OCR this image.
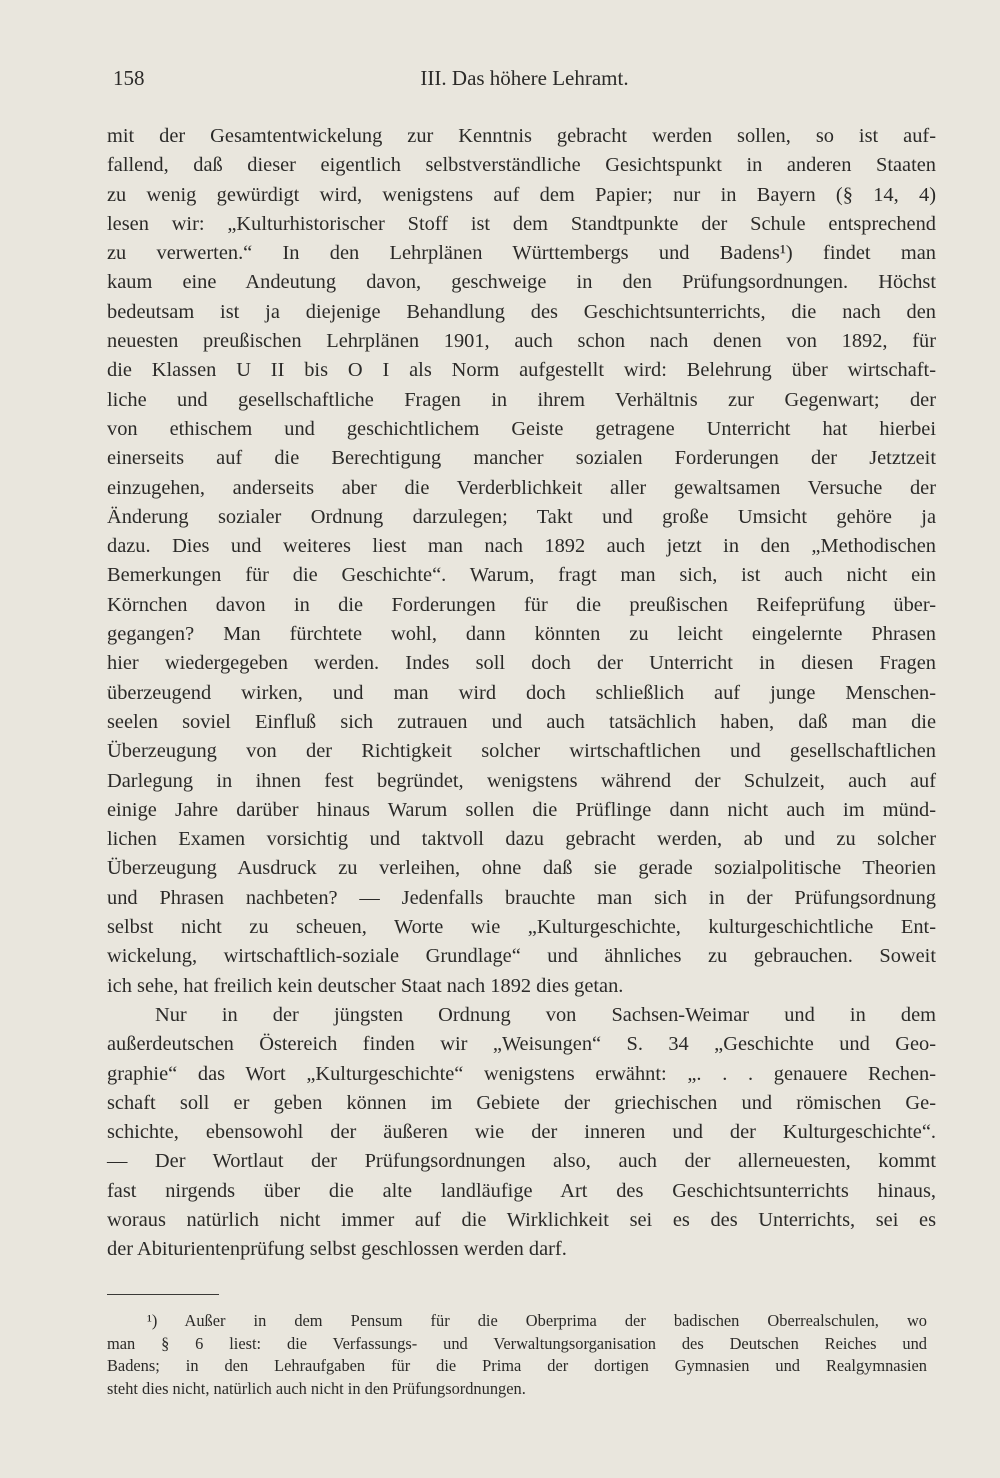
158	III. Das höhere Lehramt.

mit der Gesamtentwickelung zur Kenntnis gebracht werden sollen, so ist auf-
fallend, daß dieser eigentlich selbstverständliche Gesichtspunkt in anderen Staaten
zu wenig gewürdigt wird, wenigstens auf dem Papier; nur in Bayern (§ 14, 4)
lesen wir: „Kulturhistorischer Stoff ist dem Standtpunkte der Schule entsprechend
zu verwerten.“ In den Lehrplänen Württembergs und Badens¹) findet man
kaum eine Andeutung davon, geschweige in den Prüfungsordnungen. Höchst
bedeutsam ist ja diejenige Behandlung des Geschichtsunterrichts, die nach den
neuesten preußischen Lehrplänen 1901, auch schon nach denen von 1892, für
die Klassen U II bis O I als Norm aufgestellt wird: Belehrung über wirtschaft-
liche und gesellschaftliche Fragen in ihrem Verhältnis zur Gegenwart; der
von ethischem und geschichtlichem Geiste getragene Unterricht hat hierbei
einerseits auf die Berechtigung mancher sozialen Forderungen der Jetztzeit
einzugehen, anderseits aber die Verderblichkeit aller gewaltsamen Versuche der
Änderung sozialer Ordnung darzulegen; Takt und große Umsicht gehöre ja
dazu. Dies und weiteres liest man nach 1892 auch jetzt in den „Methodischen
Bemerkungen für die Geschichte“. Warum, fragt man sich, ist auch nicht ein
Körnchen davon in die Forderungen für die preußischen Reifeprüfung über-
gegangen? Man fürchtete wohl, dann könnten zu leicht eingelernte Phrasen
hier wiedergegeben werden. Indes soll doch der Unterricht in diesen Fragen
überzeugend wirken, und man wird doch schließlich auf junge Menschen-
seelen soviel Einfluß sich zutrauen und auch tatsächlich haben, daß man die
Überzeugung von der Richtigkeit solcher wirtschaftlichen und gesellschaftlichen
Darlegung in ihnen fest begründet, wenigstens während der Schulzeit, auch auf
einige Jahre darüber hinaus Warum sollen die Prüflinge dann nicht auch im münd-
lichen Examen vorsichtig und taktvoll dazu gebracht werden, ab und zu solcher
Überzeugung Ausdruck zu verleihen, ohne daß sie gerade sozialpolitische Theorien
und Phrasen nachbeten? — Jedenfalls brauchte man sich in der Prüfungsordnung
selbst nicht zu scheuen, Worte wie „Kulturgeschichte, kulturgeschichtliche Ent-
wickelung, wirtschaftlich-soziale Grundlage“ und ähnliches zu gebrauchen. Soweit
ich sehe, hat freilich kein deutscher Staat nach 1892 dies getan.

Nur in der jüngsten Ordnung von Sachsen-Weimar und in dem
außerdeutschen Östereich finden wir „Weisungen“ S. 34 „Geschichte und Geo-
graphie“ das Wort „Kulturgeschichte“ wenigstens erwähnt: „. . . genauere Rechen-
schaft soll er geben können im Gebiete der griechischen und römischen Ge-
schichte, ebensowohl der äußeren wie der inneren und der Kulturgeschichte“.
— Der Wortlaut der Prüfungsordnungen also, auch der allerneuesten, kommt
fast nirgends über die alte landläufige Art des Geschichtsunterrichts hinaus,
woraus natürlich nicht immer auf die Wirklichkeit sei es des Unterrichts, sei es
der Abiturientenprüfung selbst geschlossen werden darf.

¹) Außer in dem Pensum für die Oberprima der badischen Oberrealschulen, wo
man § 6 liest: die Verfassungs- und Verwaltungsorganisation des Deutschen Reiches und
Badens; in den Lehraufgaben für die Prima der dortigen Gymnasien und Realgymnasien
steht dies nicht, natürlich auch nicht in den Prüfungsordnungen.
